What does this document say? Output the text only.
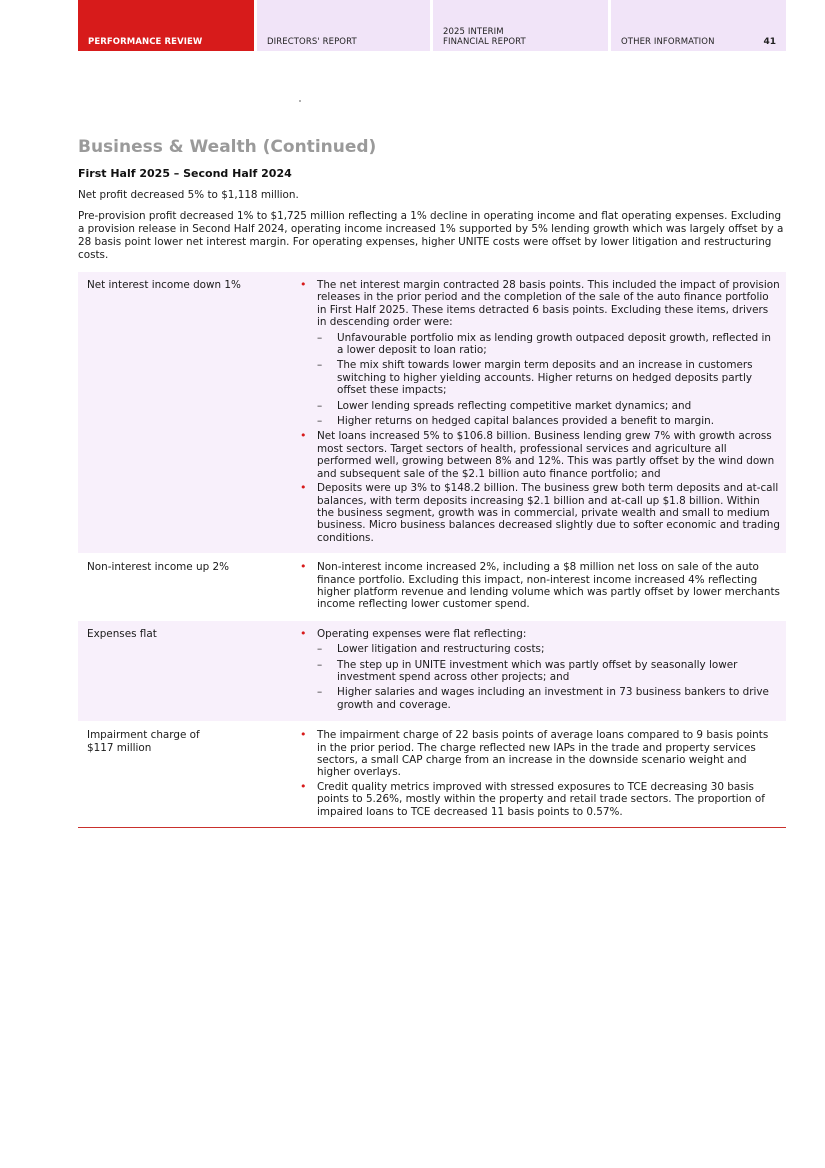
PERFORMANCE REVIEW	DIRECTORS' REPORT
2025 INTERIM
FINANCIAL REPORT	OTHER INFORMATION	41
Business & Wealth (Continued)
First Half 2025 – Second Half 2024
Net profit decreased 5% to $1,118 million.
Pre-provision profit decreased 1% to $1,725 million reflecting a 1% decline in operating income and flat operating expenses. Excluding a provision release in Second Half 2024, operating income increased 1% supported by 5% lending growth which was largely offset by a 28 basis point lower net interest margin. For operating expenses, higher UNITE costs were offset by lower litigation and restructuring costs.
Net interest income down 1%	• The net interest margin contracted 28 basis points. This included the impact of provision releases in the prior period and the completion of the sale of the auto finance portfolio in First Half 2025. These items detracted 6 basis points. Excluding these items, drivers in descending order were:
– Unfavourable portfolio mix as lending growth outpaced deposit growth, reflected in a lower deposit to loan ratio;
– The mix shift towards lower margin term deposits and an increase in customers switching to higher yielding accounts. Higher returns on hedged deposits partly offset these impacts;
– Lower lending spreads reflecting competitive market dynamics; and
– Higher returns on hedged capital balances provided a benefit to margin.
• Net loans increased 5% to $106.8 billion. Business lending grew 7% with growth across most sectors. Target sectors of health, professional services and agriculture all performed well, growing between 8% and 12%. This was partly offset by the wind down and subsequent sale of the $2.1 billion auto finance portfolio; and
• Deposits were up 3% to $148.2 billion. The business grew both term deposits and at-call balances, with term deposits increasing $2.1 billion and at-call up $1.8 billion. Within the business segment, growth was in commercial, private wealth and small to medium business. Micro business balances decreased slightly due to softer economic and trading conditions.
Non-interest income up 2%	• Non-interest income increased 2%, including a $8 million net loss on sale of the auto finance portfolio. Excluding this impact, non-interest income increased 4% reflecting higher platform revenue and lending volume which was partly offset by lower merchants income reflecting lower customer spend.
Expenses flat	• Operating expenses were flat reflecting:
– Lower litigation and restructuring costs;
– The step up in UNITE investment which was partly offset by seasonally lower investment spend across other projects; and
– Higher salaries and wages including an investment in 73 business bankers to drive growth and coverage.
Impairment charge of
$117 million
• The impairment charge of 22 basis points of average loans compared to 9 basis points in the prior period. The charge reflected new IAPs in the trade and property services sectors, a small CAP charge from an increase in the downside scenario weight and higher overlays.
• Credit quality metrics improved with stressed exposures to TCE decreasing 30 basis points to 5.26%, mostly within the property and retail trade sectors. The proportion of impaired loans to TCE decreased 11 basis points to 0.57%.
